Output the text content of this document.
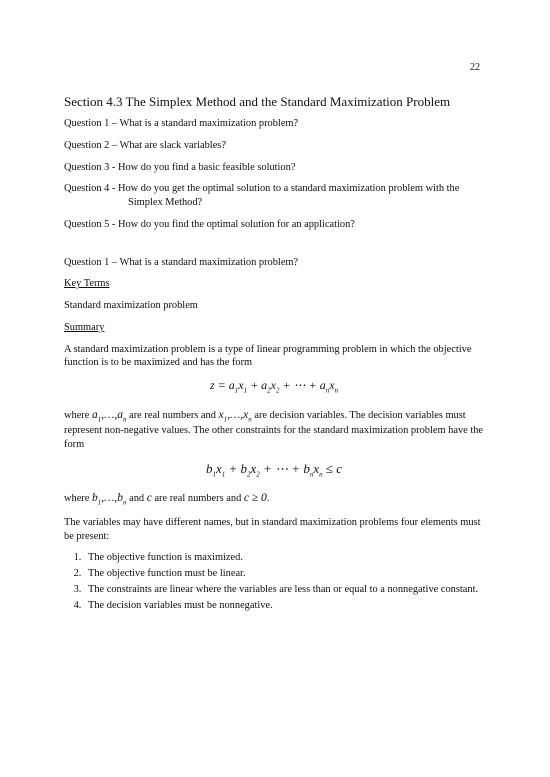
22
Section 4.3 The Simplex Method and the Standard Maximization Problem
Question 1 – What is a standard maximization problem?
Question 2 – What are slack variables?
Question 3 - How do you find a basic feasible solution?
Question 4 - How do you get the optimal solution to a standard maximization problem with the Simplex Method?
Question 5 - How do you find the optimal solution for an application?

Question 1 – What is a standard maximization problem?

Key Terms

Standard maximization problem

Summary

A standard maximization problem is a type of linear programming problem in which the objective function is to be maximized and has the form

$z = a_1x_1 + a_2x_2$ + ⋯ + $a_nx_n$

where $a_1,\dots,a_n$ are real numbers and $x_1,\dots,x_n$ are decision variables. The decision variables must represent non-negative values. The other constraints for the standard maximization problem have the form

$b_1x_1 + b_2x_2$ + ⋯ + $b_nx_n \le c$

where $b_1,\dots,b_n$ and c are real numbers and c ≥ 0.

The variables may have different names, but in standard maximization problems four elements must be present:

1. The objective function is maximized.
2. The objective function must be linear.
3. The constraints are linear where the variables are less than or equal to a nonnegative constant.
4. The decision variables must be nonnegative.
